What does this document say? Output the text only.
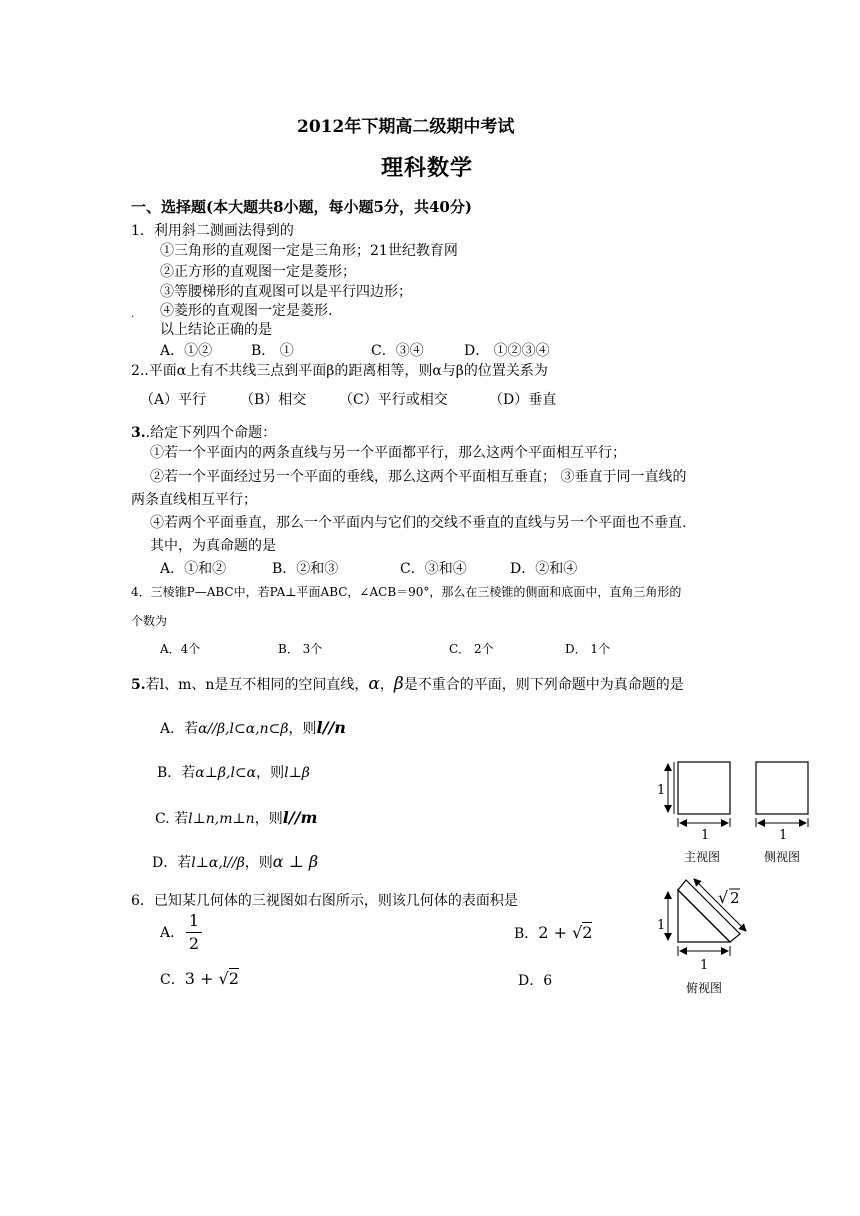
2012年下期高二级期中考试
理科数学
一、选择题(本大题共8小题，每小题5分，共40分)
1．利用斜二测画法得到的
①三角形的直观图一定是三角形；21世纪教育网
②正方形的直观图一定是菱形；
③等腰梯形的直观图可以是平行四边形；
. ④菱形的直观图一定是菱形.
以上结论正确的是
A．①②	B． ①	C．③④	D． ①②③④
2..平面α上有不共线三点到平面β的距离相等，则α与β的位置关系为
（A）平行 （B）相交 （C）平行或相交	（D）垂直
3..给定下列四个命题：
①若一个平面内的两条直线与另一个平面都平行，那么这两个平面相互平行；
②若一个平面经过另一个平面的垂线，那么这两个平面相互垂直； ③垂直于同一直线的
两条直线相互平行；
④若两个平面垂直，那么一个平面内与它们的交线不垂直的直线与另一个平面也不垂直.
其中，为真命题的是
A．①和②	B．②和③	C．③和④	D．②和④
4．三棱锥P—ABC中，若PA⊥平面ABC，∠ACB＝90°，那么在三棱锥的侧面和底面中，直角三角形的
个数为
A．4个	B． 3个	C． 2个	D． 1个
5.若l、m、n是互不相同的空间直线，α，β是不重合的平面，则下列命题中为真命题的是
A．若α//β,l⊂α,n⊂β，则l//n
B．若α⊥β,l⊂α，则l⊥β
C. 若l⊥n,m⊥n，则l//m
D．若l⊥α,l//β，则α ⊥ β
6．已知某几何体的三视图如右图所示，则该几何体的表面积是
A．
1
2	B．2 + √2
C．3 + √2	D．6
1
1	1
主视图	侧视图
1
1
√ 2
俯视图
